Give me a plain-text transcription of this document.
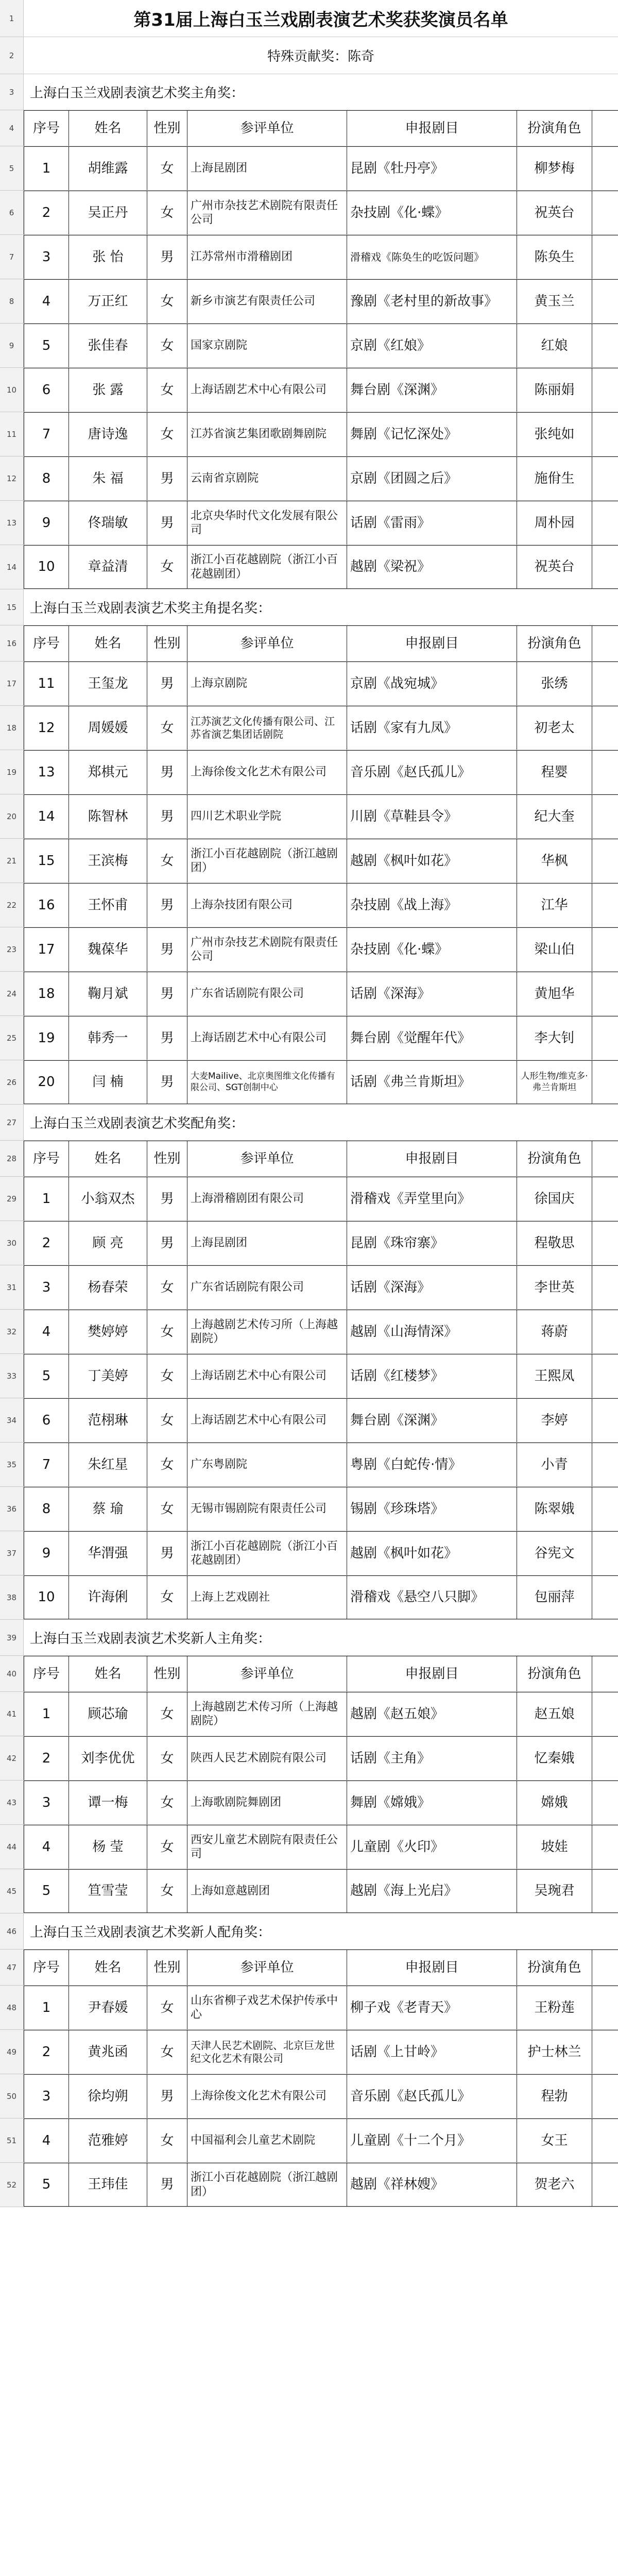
1	第31届上海白玉兰戏剧表演艺术奖获奖演员名单
2	特殊贡献奖：陈奇
3	上海白玉兰戏剧表演艺术奖主角奖：
4	序号	姓名	性别	参评单位	申报剧目	扮演角色
5	1	胡维露	女	上海昆剧团	昆剧《牡丹亭》	柳梦梅
6	2	吴正丹	女	广州市杂技艺术剧院有限责任公司	杂技剧《化·蝶》	祝英台
7	3	张 怡	男	江苏常州市滑稽剧团	滑稽戏《陈奂生的吃饭问题》	陈奂生
8	4	万正红	女	新乡市演艺有限责任公司	豫剧《老村里的新故事》	黄玉兰
9	5	张佳春	女	国家京剧院	京剧《红娘》	红娘
10	6	张 露	女	上海话剧艺术中心有限公司	舞台剧《深渊》	陈丽娟
11	7	唐诗逸	女	江苏省演艺集团歌剧舞剧院	舞剧《记忆深处》	张纯如
12	8	朱 福	男	云南省京剧院	京剧《团圆之后》	施佾生
13	9	佟瑞敏	男	北京央华时代文化发展有限公司	话剧《雷雨》	周朴园
14	10	章益清	女	浙江小百花越剧院（浙江小百花越剧团）	越剧《梁祝》	祝英台
15 上海白玉兰戏剧表演艺术奖主角提名奖：
16	序号	姓名	性别	参评单位	申报剧目	扮演角色
17	11	王玺龙	男	上海京剧院	京剧《战宛城》	张绣
18	12	周媛媛	女	江苏演艺文化传播有限公司、江苏省演艺集团话剧院	话剧《家有九凤》	初老太
19	13	郑棋元	男	上海徐俊文化艺术有限公司	音乐剧《赵氏孤儿》	程婴
20	14	陈智林	男	四川艺术职业学院	川剧《草鞋县令》	纪大奎
21	15	王滨梅	女	浙江小百花越剧院（浙江越剧团）	越剧《枫叶如花》	华枫
22	16	王怀甫	男	上海杂技团有限公司	杂技剧《战上海》	江华
23	17	魏葆华	男	广州市杂技艺术剧院有限责任公司	杂技剧《化·蝶》	梁山伯
24	18	鞠月斌	男	广东省话剧院有限公司	话剧《深海》	黄旭华
25	19	韩秀一	男	上海话剧艺术中心有限公司	舞台剧《觉醒年代》	李大钊
26	20	闫 楠	男	大麦Mailive、北京奥图维文化传播有限公司、SGT创制中心	话剧《弗兰肯斯坦》	人形生物/维克多·弗兰肯斯坦
27 上海白玉兰戏剧表演艺术奖配角奖：
28	序号	姓名	性别	参评单位	申报剧目	扮演角色
29	1	小翁双杰	男	上海滑稽剧团有限公司	滑稽戏《弄堂里向》	徐国庆
30	2	顾 亮	男	上海昆剧团	昆剧《珠帘寨》	程敬思
31	3	杨春荣	女	广东省话剧院有限公司	话剧《深海》	李世英
32	4	樊婷婷	女	上海越剧艺术传习所（上海越剧院）	越剧《山海情深》	蒋蔚
33	5	丁美婷	女	上海话剧艺术中心有限公司	话剧《红楼梦》	王熙凤
34	6	范栩琳	女	上海话剧艺术中心有限公司	舞台剧《深渊》	李婷
35	7	朱红星	女	广东粤剧院	粤剧《白蛇传·情》	小青
36	8	蔡 瑜	女	无锡市锡剧院有限责任公司	锡剧《珍珠塔》	陈翠娥
37	9	华渭强	男	浙江小百花越剧院（浙江小百花越剧团）	越剧《枫叶如花》	谷宪文
38	10	许海俐	女	上海上艺戏剧社	滑稽戏《悬空八只脚》	包丽萍
39 上海白玉兰戏剧表演艺术奖新人主角奖：
40	序号	姓名	性别	参评单位	申报剧目	扮演角色
41	1	顾芯瑜	女	上海越剧艺术传习所（上海越剧院）	越剧《赵五娘》	赵五娘
42	2	刘李优优	女	陕西人民艺术剧院有限公司	话剧《主角》	忆秦娥
43	3	谭一梅	女	上海歌剧院舞剧团	舞剧《嫦娥》	嫦娥
44	4	杨 莹	女	西安儿童艺术剧院有限责任公司	儿童剧《火印》	坡娃
45	5	笪雪莹	女	上海如意越剧团	越剧《海上光启》	吴琬君
46 上海白玉兰戏剧表演艺术奖新人配角奖：
47	序号	姓名	性别	参评单位	申报剧目	扮演角色
48	1	尹春媛	女	山东省柳子戏艺术保护传承中心	柳子戏《老青天》	王粉莲
49	2	黄兆函	女	天津人民艺术剧院、北京巨龙世纪文化艺术有限公司	话剧《上甘岭》	护士林兰
50	3	徐均朔	男	上海徐俊文化艺术有限公司	音乐剧《赵氏孤儿》	程勃
51	4	范雅婷	女	中国福利会儿童艺术剧院	儿童剧《十二个月》	女王
52	5	王玮佳	男	浙江小百花越剧院（浙江越剧团）	越剧《祥林嫂》	贺老六
